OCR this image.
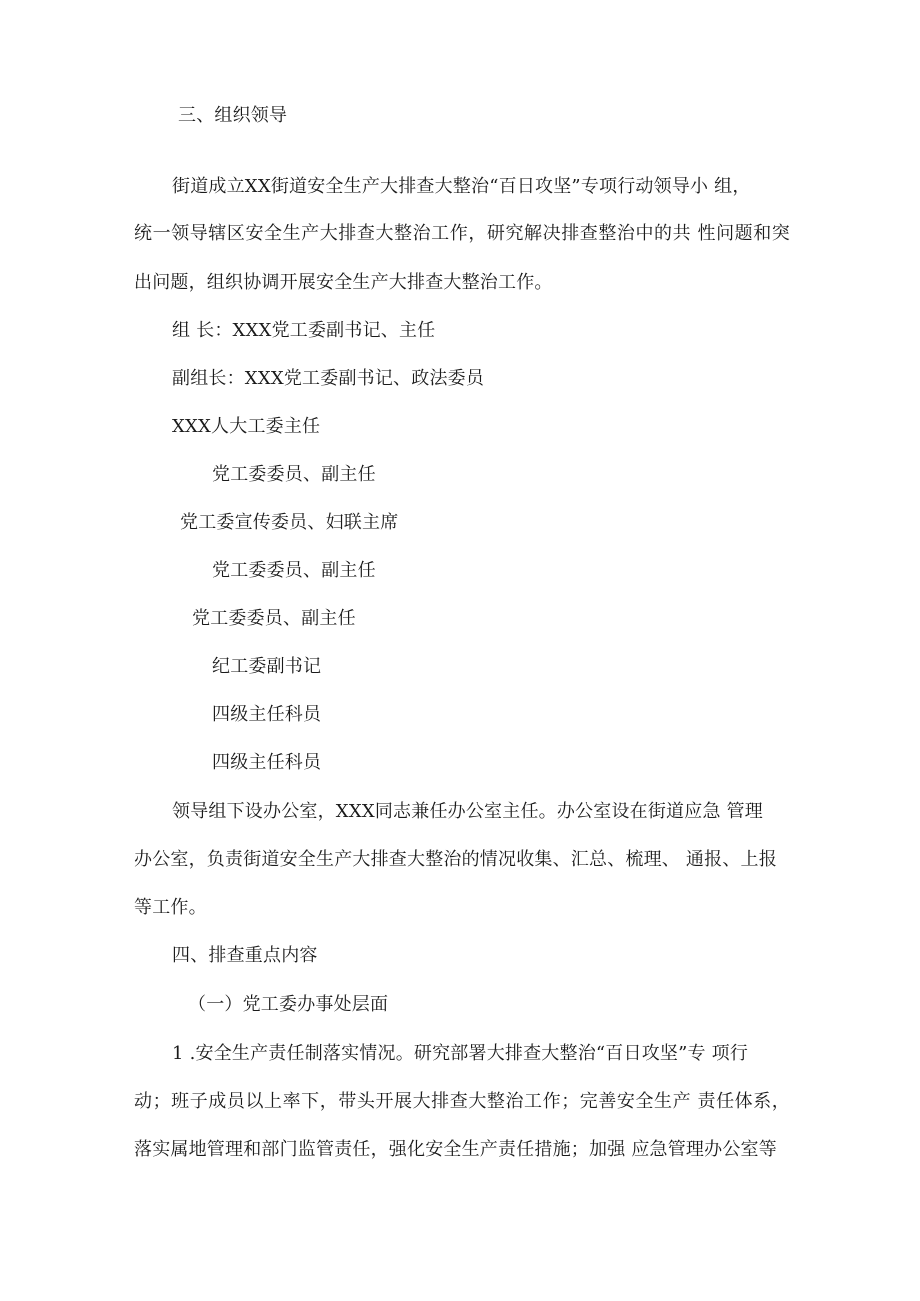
三、组织领导
街道成立XX街道安全生产大排查大整治“百日攻坚”专项行动领导小 组，
统一领导辖区安全生产大排查大整治工作，研究解决排查整治中的共 性问题和突
出问题，组织协调开展安全生产大排查大整治工作。
组 长：XXX党工委副书记、主任
副组长：XXX党工委副书记、政法委员
XXX人大工委主任
党工委委员、副主任
党工委宣传委员、妇联主席
党工委委员、副主任
党工委委员、副主任
纪工委副书记
四级主任科员
四级主任科员
领导组下设办公室，XXX同志兼任办公室主任。办公室设在街道应急 管理
办公室，负责街道安全生产大排查大整治的情况收集、汇总、梳理、 通报、上报
等工作。
四、排查重点内容
（一）党工委办事处层面
1 .安全生产责任制落实情况。研究部署大排查大整治“百日攻坚”专 项行
动；班子成员以上率下，带头开展大排查大整治工作；完善安全生产 责任体系，
落实属地管理和部门监管责任，强化安全生产责任措施；加强 应急管理办公室等
